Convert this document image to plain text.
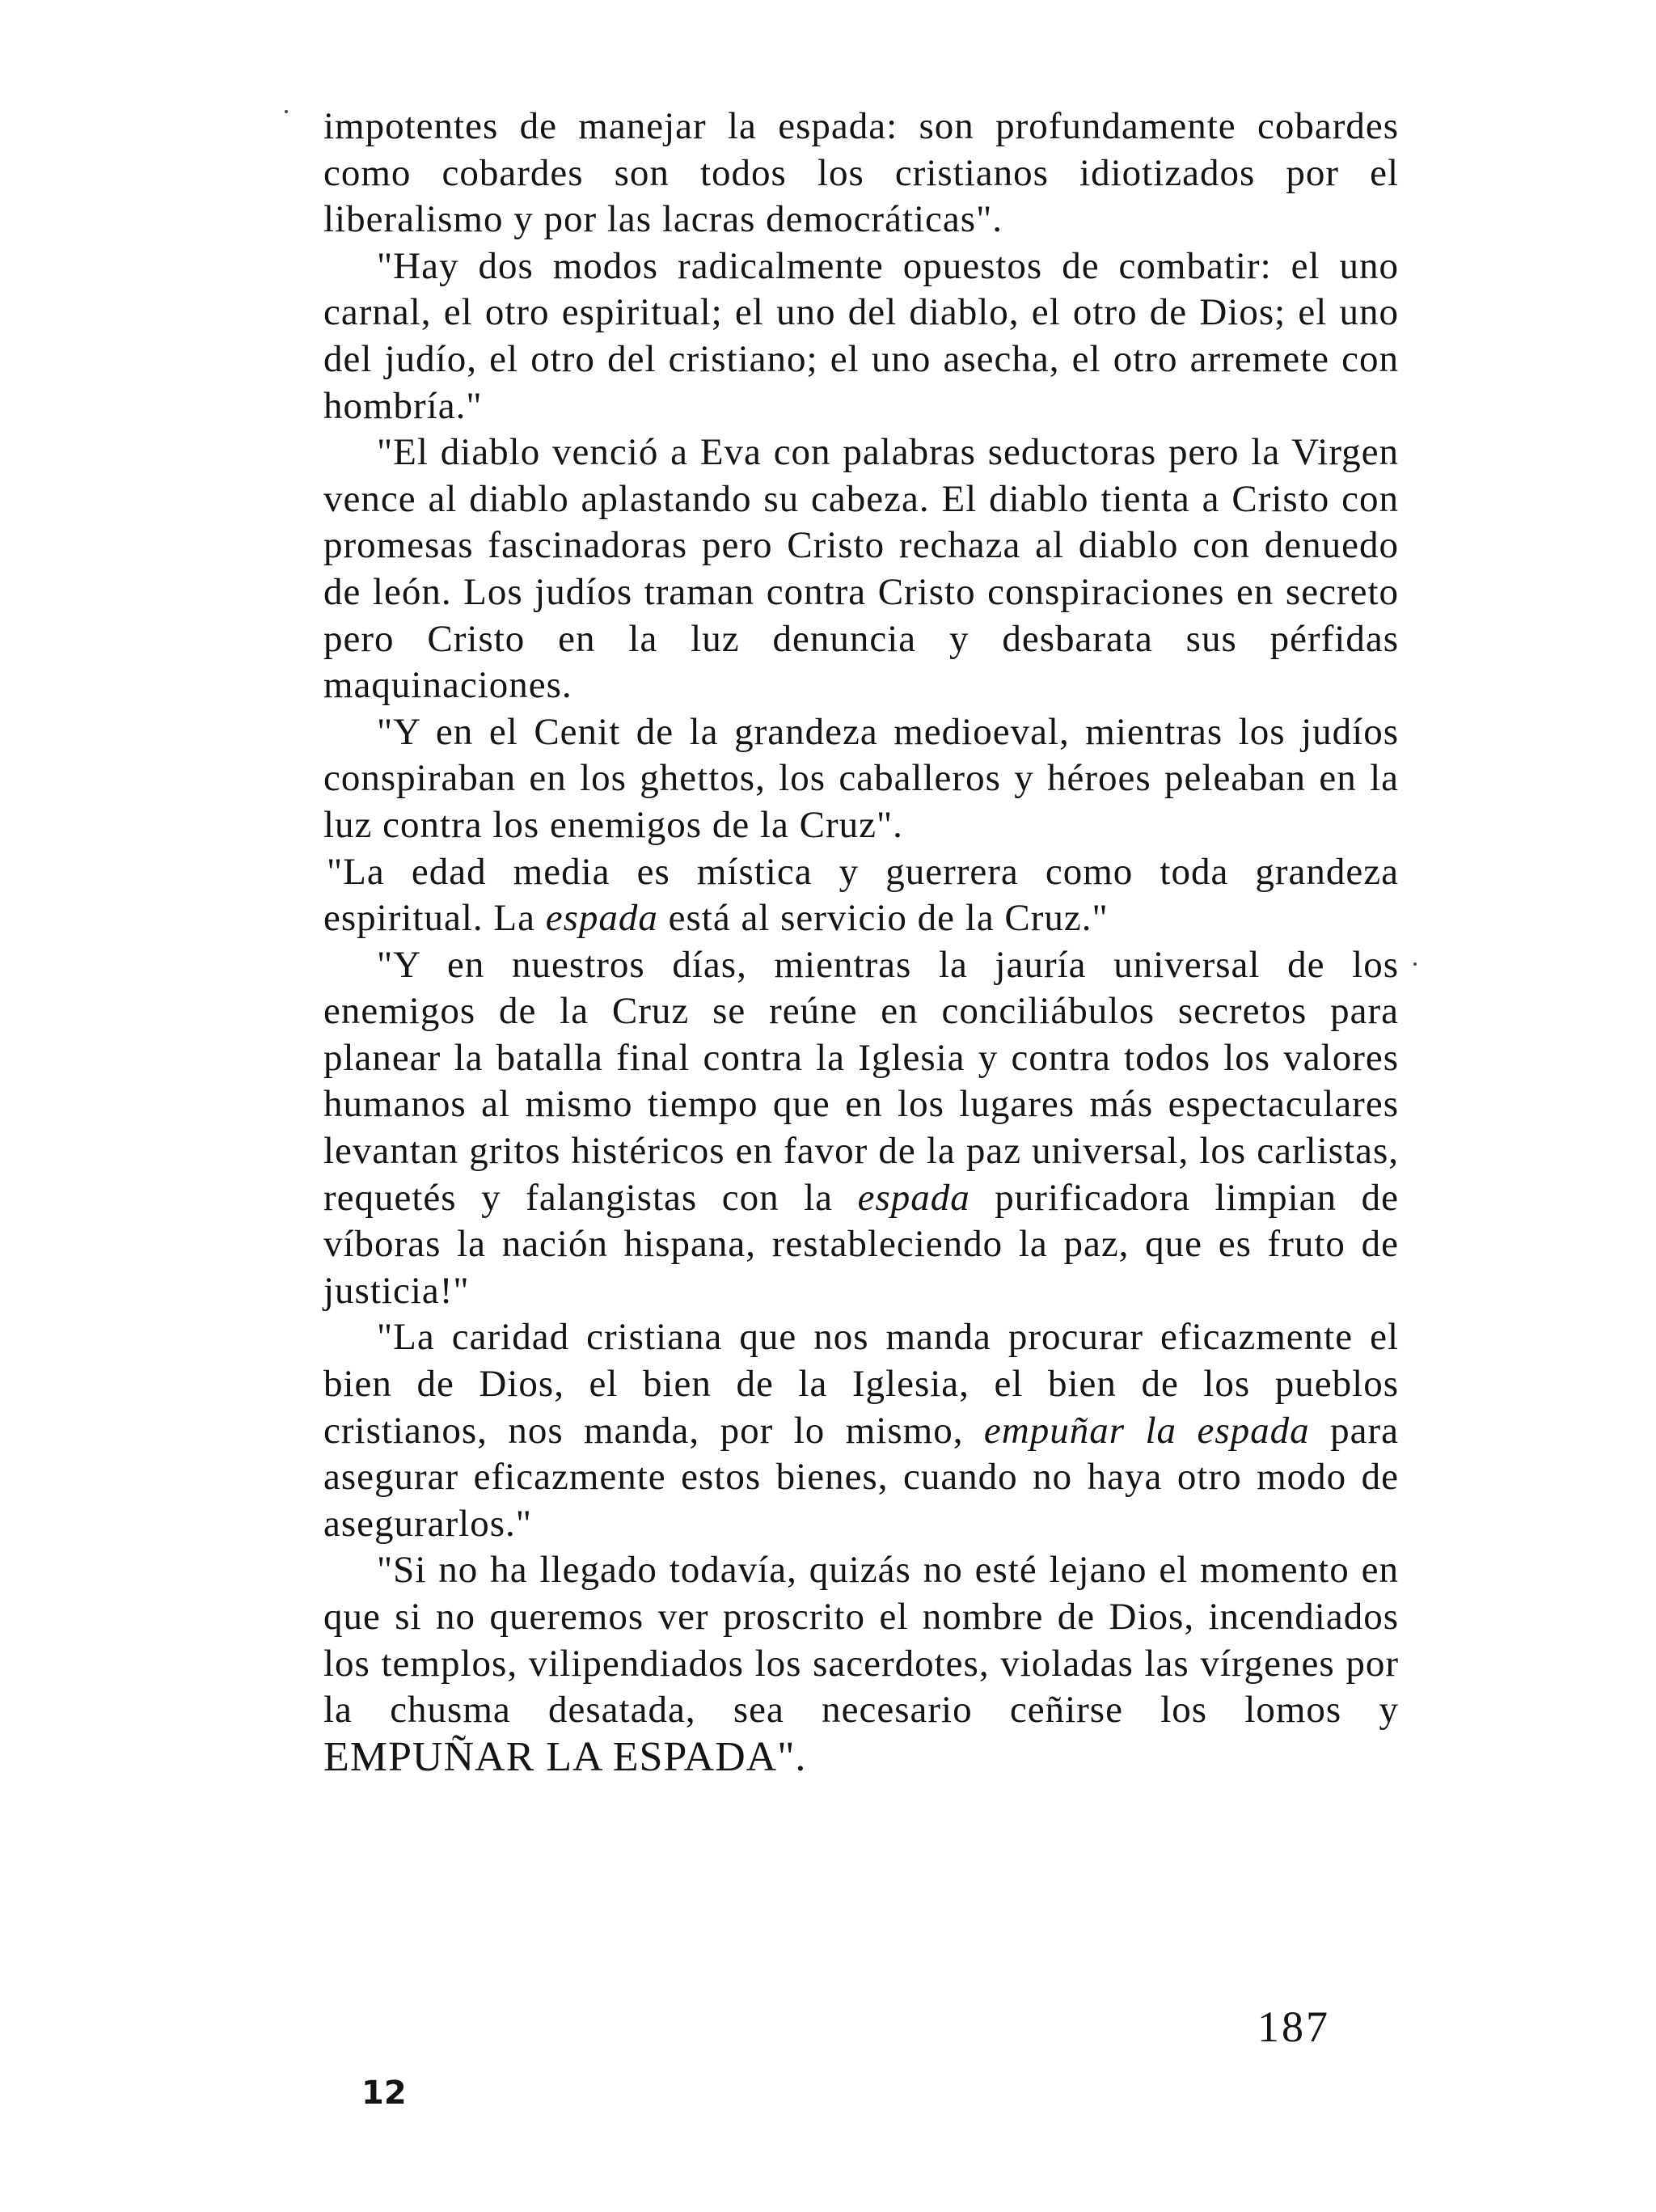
impotentes de manejar la espada: son profundamente cobardes como cobardes son todos los cristianos idiotizados por el liberalismo y por las lacras democráticas".

"Hay dos modos radicalmente opuestos de combatir: el uno carnal, el otro espiritual; el uno del diablo, el otro de Dios; el uno del judío, el otro del cristiano; el uno asecha, el otro arremete con hombría."

"El diablo venció a Eva con palabras seductoras pero la Virgen vence al diablo aplastando su cabeza. El diablo tienta a Cristo con promesas fascinadoras pero Cristo rechaza al diablo con denuedo de león. Los judíos traman contra Cristo conspiraciones en secreto pero Cristo en la luz denuncia y desbarata sus pérfidas maquinaciones.

"Y en el Cenit de la grandeza medioeval, mientras los judíos conspiraban en los ghettos, los caballeros y héroes peleaban en la luz contra los enemigos de la Cruz".

"La edad media es mística y guerrera como toda grandeza espiritual. La espada está al servicio de la Cruz."

"Y en nuestros días, mientras la jauría universal de los enemigos de la Cruz se reúne en conciliábulos secretos para planear la batalla final contra la Iglesia y contra todos los valores humanos al mismo tiempo que en los lugares más espectaculares levantan gritos histéricos en favor de la paz universal, los carlistas, requetés y falangistas con la espada purificadora limpian de víboras la nación hispana, restableciendo la paz, que es fruto de justicia!"

"La caridad cristiana que nos manda procurar eficazmente el bien de Dios, el bien de la Iglesia, el bien de los pueblos cristianos, nos manda, por lo mismo, empuñar la espada para asegurar eficazmente estos bienes, cuando no haya otro modo de asegurarlos."

"Si no ha llegado todavía, quizás no esté lejano el momento en que si no queremos ver proscrito el nombre de Dios, incendiados los templos, vilipendiados los sacerdotes, violadas las vírgenes por la chusma desatada, sea necesario ceñirse los lomos y EMPUÑAR LA ESPADA".

187
12
